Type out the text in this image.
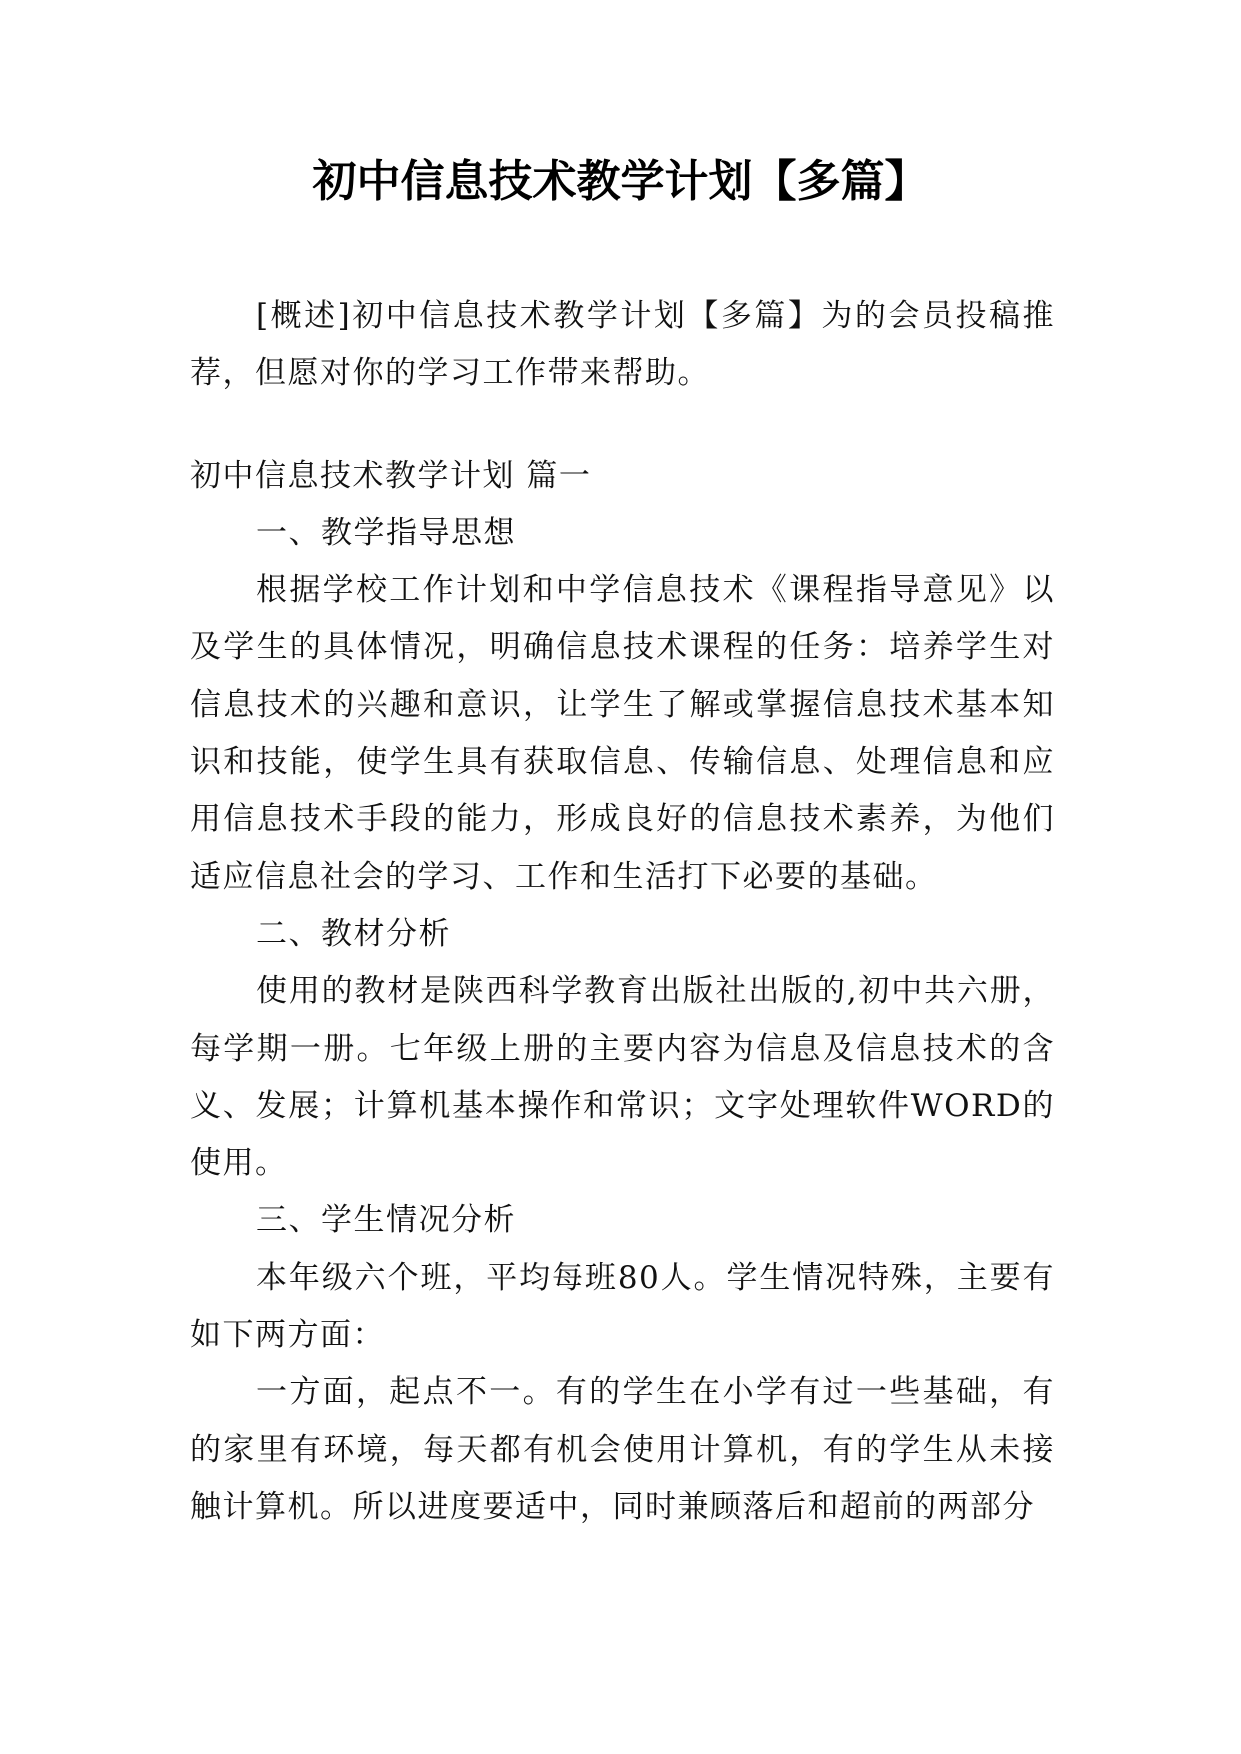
初中信息技术教学计划【多篇】

[概述]初中信息技术教学计划【多篇】为的会员投稿推荐，但愿对你的学习工作带来帮助。

初中信息技术教学计划 篇一

一、教学指导思想

根据学校工作计划和中学信息技术《课程指导意见》以及学生的具体情况，明确信息技术课程的任务：培养学生对信息技术的兴趣和意识，让学生了解或掌握信息技术基本知识和技能，使学生具有获取信息、传输信息、处理信息和应用信息技术手段的能力，形成良好的信息技术素养，为他们适应信息社会的学习、工作和生活打下必要的基础。

二、教材分析

使用的教材是陕西科学教育出版社出版的,初中共六册，每学期一册。七年级上册的主要内容为信息及信息技术的含义、发展；计算机基本操作和常识；文字处理软件WORD的使用。

三、学生情况分析

本年级六个班，平均每班80人。学生情况特殊，主要有如下两方面：

一方面，起点不一。有的学生在小学有过一些基础，有的家里有环境，每天都有机会使用计算机，有的学生从未接触计算机。所以进度要适中，同时兼顾落后和超前的两部分
